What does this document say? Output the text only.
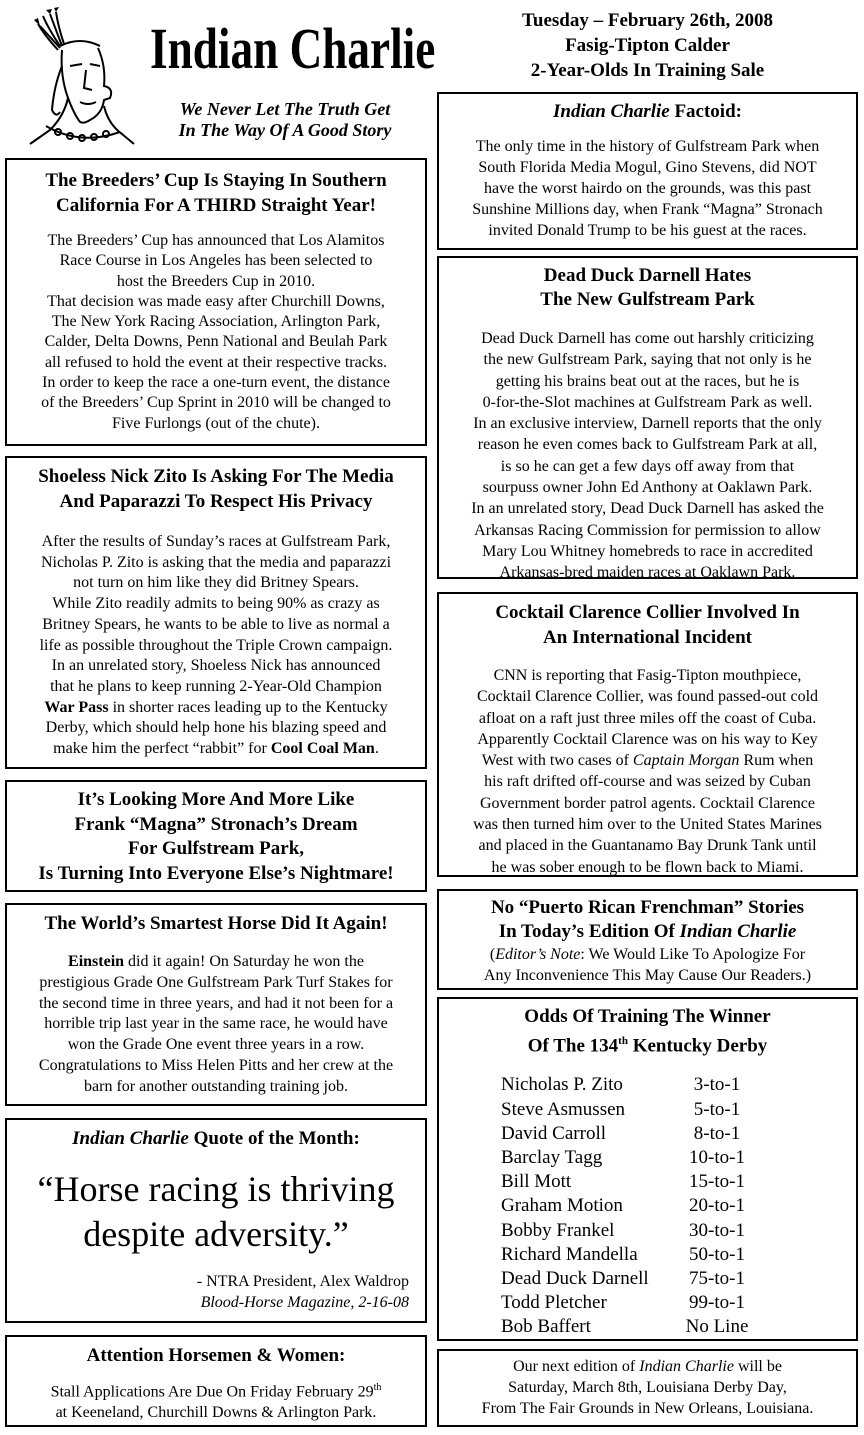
Indian Charlie
We Never Let The Truth Get
In The Way Of A Good Story
Tuesday – February 26th, 2008
Fasig-Tipton Calder
2-Year-Olds In Training Sale
Indian Charlie Factoid:
The only time in the history of Gulfstream Park when
South Florida Media Mogul, Gino Stevens, did NOT
have the worst hairdo on the grounds, was this past
Sunshine Millions day, when Frank “Magna” Stronach
invited Donald Trump to be his guest at the races.
The Breeders’ Cup Is Staying In Southern
California For A THIRD Straight Year!
The Breeders’ Cup has announced that Los Alamitos
Race Course in Los Angeles has been selected to
host the Breeders Cup in 2010.
That decision was made easy after Churchill Downs,
The New York Racing Association, Arlington Park,
Calder, Delta Downs, Penn National and Beulah Park
all refused to hold the event at their respective tracks.
In order to keep the race a one-turn event, the distance
of the Breeders’ Cup Sprint in 2010 will be changed to
Five Furlongs (out of the chute).
Dead Duck Darnell Hates
The New Gulfstream Park
Dead Duck Darnell has come out harshly criticizing
the new Gulfstream Park, saying that not only is he
getting his brains beat out at the races, but he is
0-for-the-Slot machines at Gulfstream Park as well.
In an exclusive interview, Darnell reports that the only
reason he even comes back to Gulfstream Park at all,
is so he can get a few days off away from that
sourpuss owner John Ed Anthony at Oaklawn Park.
In an unrelated story, Dead Duck Darnell has asked the
Arkansas Racing Commission for permission to allow
Mary Lou Whitney homebreds to race in accredited
Arkansas-bred maiden races at Oaklawn Park.
Shoeless Nick Zito Is Asking For The Media
And Paparazzi To Respect His Privacy
After the results of Sunday’s races at Gulfstream Park,
Nicholas P. Zito is asking that the media and paparazzi
not turn on him like they did Britney Spears.
While Zito readily admits to being 90% as crazy as
Britney Spears, he wants to be able to live as normal a
life as possible throughout the Triple Crown campaign.
In an unrelated story, Shoeless Nick has announced
that he plans to keep running 2-Year-Old Champion
War Pass in shorter races leading up to the Kentucky
Derby, which should help hone his blazing speed and
make him the perfect “rabbit” for Cool Coal Man.
Cocktail Clarence Collier Involved In
An International Incident
CNN is reporting that Fasig-Tipton mouthpiece,
Cocktail Clarence Collier, was found passed-out cold
afloat on a raft just three miles off the coast of Cuba.
Apparently Cocktail Clarence was on his way to Key
West with two cases of Captain Morgan Rum when
his raft drifted off-course and was seized by Cuban
Government border patrol agents. Cocktail Clarence
was then turned him over to the United States Marines
and placed in the Guantanamo Bay Drunk Tank until
he was sober enough to be flown back to Miami.
It’s Looking More And More Like
Frank “Magna” Stronach’s Dream
For Gulfstream Park,
Is Turning Into Everyone Else’s Nightmare!
No “Puerto Rican Frenchman” Stories
In Today’s Edition Of Indian Charlie
(Editor’s Note: We Would Like To Apologize For
Any Inconvenience This May Cause Our Readers.)
The World’s Smartest Horse Did It Again!
Einstein did it again! On Saturday he won the
prestigious Grade One Gulfstream Park Turf Stakes for
the second time in three years, and had it not been for a
horrible trip last year in the same race, he would have
won the Grade One event three years in a row.
Congratulations to Miss Helen Pitts and her crew at the
barn for another outstanding training job.
Odds Of Training The Winner
Of The 134th Kentucky Derby
Nicholas P. Zito	3-to-1
Steve Asmussen	5-to-1
David Carroll	8-to-1
Barclay Tagg	10-to-1
Bill Mott	15-to-1
Graham Motion	20-to-1
Bobby Frankel	30-to-1
Richard Mandella	50-to-1
Dead Duck Darnell	75-to-1
Todd Pletcher	99-to-1
Bob Baffert	No Line
Indian Charlie Quote of the Month:
“Horse racing is thriving
despite adversity.”
- NTRA President, Alex Waldrop
Blood-Horse Magazine, 2-16-08
Attention Horsemen & Women:
Stall Applications Are Due On Friday February 29th
at Keeneland, Churchill Downs & Arlington Park.
Our next edition of Indian Charlie will be
Saturday, March 8th, Louisiana Derby Day,
From The Fair Grounds in New Orleans, Louisiana.
